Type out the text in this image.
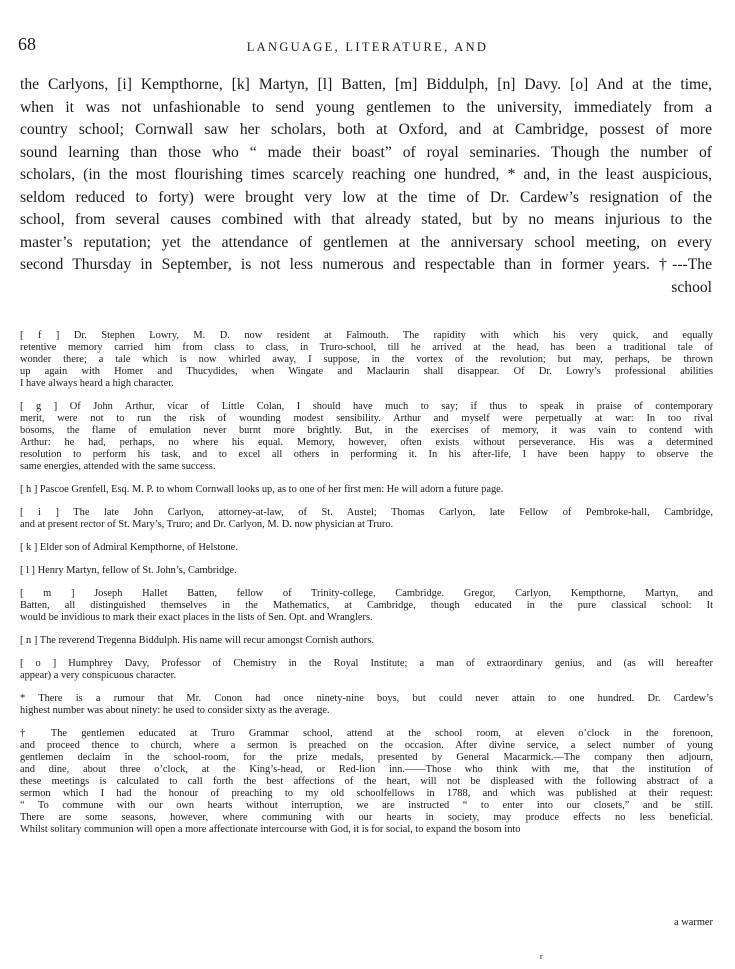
68	LANGUAGE, LITERATURE, AND
the Carlyons, [i] Kempthorne, [k] Martyn, [l] Batten, [m] Biddulph, [n] Davy. [o] And at the time,
when it was not unfashionable to send young gentlemen to the university, immediately from a
country school; Cornwall saw her scholars, both at Oxford, and at Cambridge, possest of more
sound learning than those who “ made their boast” of royal seminaries. Though the number of
scholars, (in the most flourishing times scarcely reaching one hundred, * and, in the least auspicious,
seldom reduced to forty) were brought very low at the time of Dr. Cardew’s resignation of the
school, from several causes combined with that already stated, but by no means injurious to the
master’s reputation; yet the attendance of gentlemen at the anniversary school meeting, on every
second Thursday in September, is not less numerous and respectable than in former years. †---The
school
[ f ] Dr. Stephen Lowry, M. D. now resident at Falmouth. The rapidity with which his very quick, and equally
retentive memory carried him from class to class, in Truro-school, till he arrived at the head, has been a traditional tale of
wonder there; a tale which is now whirled away, I suppose, in the vortex of the revolution; but may, perhaps, be thrown
up again with Homer and Thucydides, when Wingate and Maclaurin shall disappear. Of Dr. Lowry’s professional abilities
I have always heard a high character.
[ g ] Of John Arthur, vicar of Little Colan, I should have much to say; if thus to speak in praise of contemporary
merit, were not to run the risk of wounding modest sensibility. Arthur and myself were perpetually at war: In too rival
bosoms, the flame of emulation never burnt more brightly. But, in the exercises of memory, it was vain to contend with
Arthur: he had, perhaps, no where his equal. Memory, however, often exists without perseverance. His was a determined
resolution to perform his task, and to excel all others in performing it. In his after-life, I have been happy to observe the
same energies, attended with the same success.
[ h ] Pascoe Grenfell, Esq. M. P. to whom Cornwall looks up, as to one of her first men: He will adorn a future page.
[ i ] The late John Carlyon, attorney-at-law, of St. Austel; Thomas Carlyon, late Fellow of Pembroke-hall, Cambridge,
and at present rector of St. Mary’s, Truro; and Dr. Carlyon, M. D. now physician at Truro.
[ k ] Elder son of Admiral Kempthorne, of Helstone.
[ l ] Henry Martyn, fellow of St. John’s, Cambridge.
[ m ] Joseph Hallet Batten, fellow of Trinity-college, Cambridge. Gregor, Carlyon, Kempthorne, Martyn, and
Batten, all distinguished themselves in the Mathematics, at Cambridge, though educated in the pure classical school: It
would be invidious to mark their exact places in the lists of Sen. Opt. and Wranglers.
[ n ] The reverend Tregenna Biddulph. His name will recur amongst Cornish authors.
[ o ] Humphrey Davy, Professor of Chemistry in the Royal Institute; a man of extraordinary genius, and (as will hereafter
appear) a very conspicuous character.
* There is a rumour that Mr. Conon had once ninety-nine boys, but could never attain to one hundred. Dr. Cardew’s
highest number was about ninety: he used to consider sixty as the average.
† The gentlemen educated at Truro Grammar school, attend at the school room, at eleven o’clock in the forenoon,
and proceed thence to church, where a sermon is preached on the occasion. After divine service, a select number of young
gentlemen declaim in the school-room, for the prize medals, presented by General Macarmick.—The company then adjourn,
and dine, about three o’clock, at the King’s-head, or Red-lion inn.——Those who think with me, that the institution of
these meetings is calculated to call forth the best affections of the heart, will not be displeased with the following abstract of a
sermon which I had the honour of preaching to my old schoolfellows in 1788, and which was published at their request:
“ To commune with our own hearts without interruption, we are instructed “ to enter into our closets,” and be still.
There are some seasons, however, where communing with our hearts in society, may produce effects no less beneficial.
Whilst solitary communion will open a more affectionate intercourse with God, it is for social, to expand the bosom into
a warmer
r
